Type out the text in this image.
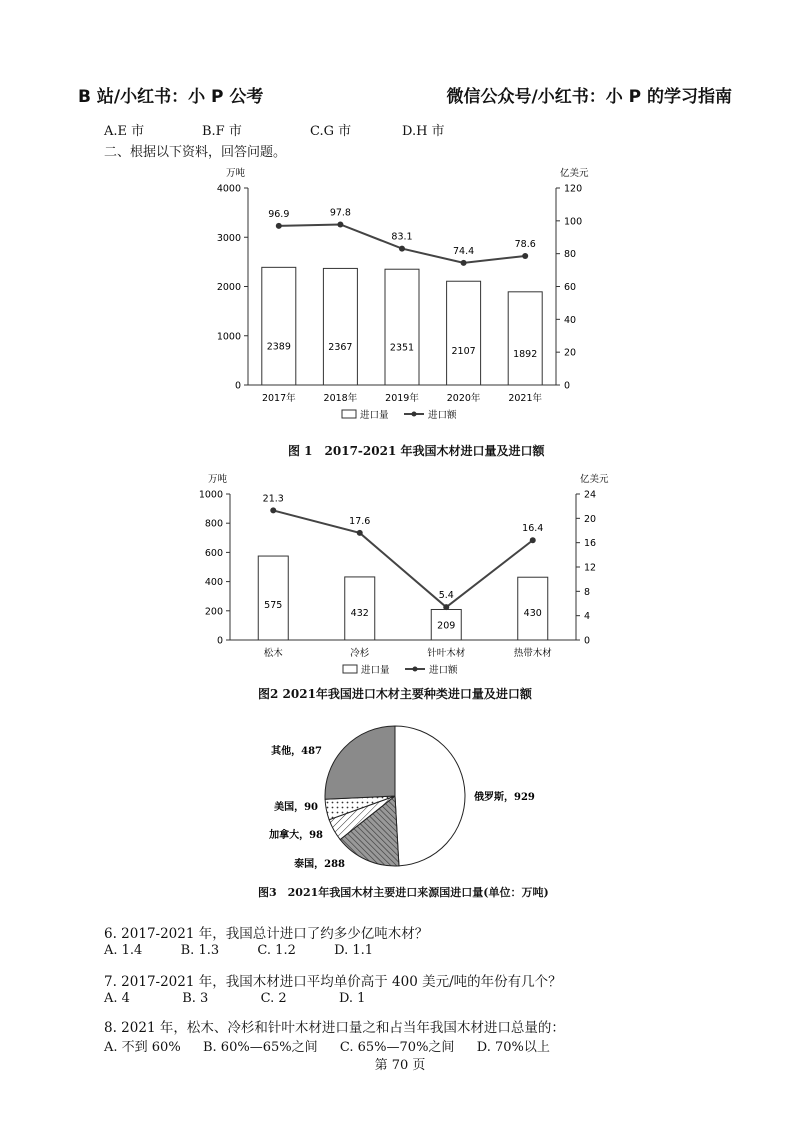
B 站/小红书：小 P 公考	微信公众号/小红书：小 P 的学习指南
A.E 市	B.F 市	C.G 市	D.H 市
二、根据以下资料，回答问题。
万吨	亿美元
0
1000
2000
3000
4000
0
20
40
60
80
100
120
2389
2017年
2367
2018年
2351
2019年
2107
2020年
1892
2021年
96.9	97.8
83.1
74.4
78.6
进口量	进口额
图 1　2017-2021 年我国木材进口量及进口额
万吨	亿美元
0
200
400
600
800
1000
0
4
8
12
16
20
24
575
松木
432
冷杉
209
针叶木材
430
热带木材
21.3
17.6
5.4
16.4
进口量	进口额
图2 2021年我国进口木材主要种类进口量及进口额
俄罗斯，929
泰国，288
加拿大，98
美国，90
其他，487
图3　2021年我国木材主要进口来源国进口量(单位：万吨)
6. 2017-2021 年，我国总计进口了约多少亿吨木材？
A. 1.4	B. 1.3	C. 1.2	D. 1.1
7. 2017-2021 年，我国木材进口平均单价高于 400 美元/吨的年份有几个？
A. 4	B. 3	C. 2	D. 1
8. 2021 年，松木、冷杉和针叶木材进口量之和占当年我国木材进口总量的：
A. 不到 60% B. 60%—65%之间 C. 65%—70%之间 D. 70%以上
第 70 页
